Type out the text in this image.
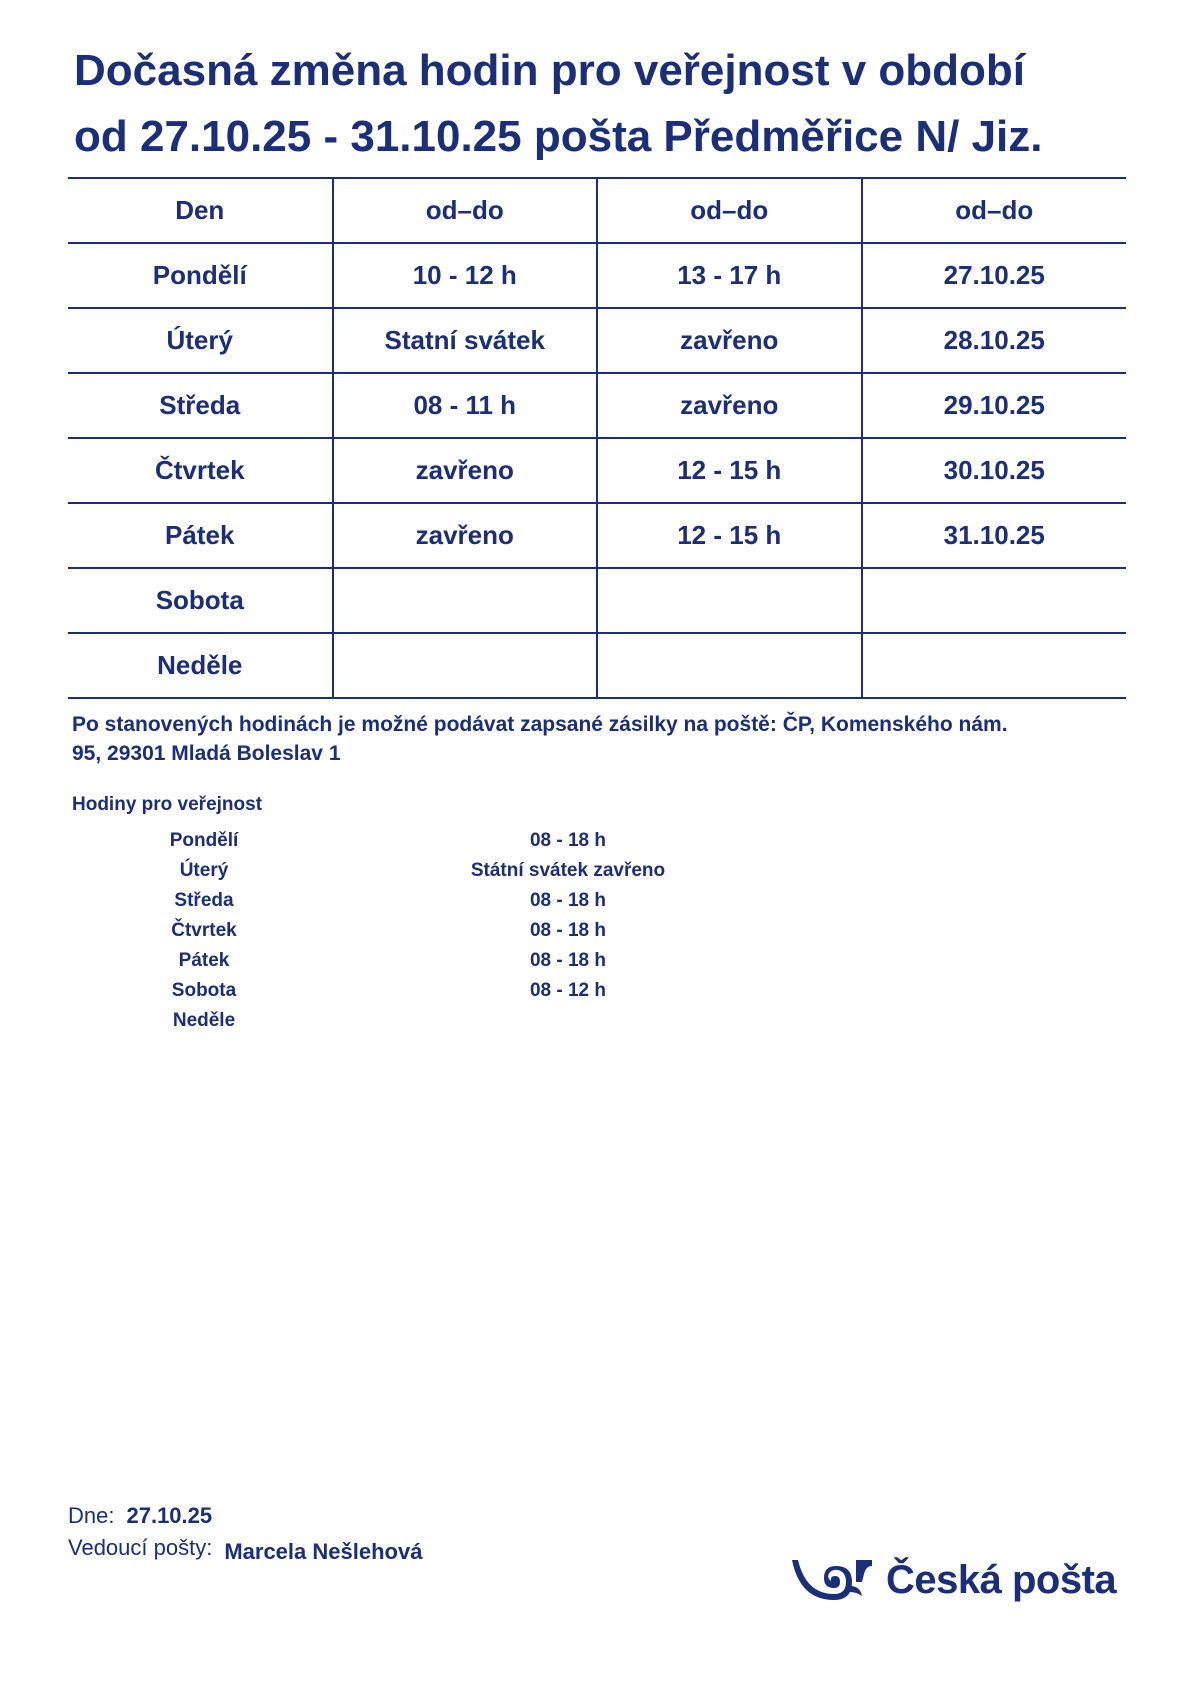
Dočasná změna hodin pro veřejnost v období
od 27.10.25 - 31.10.25 pošta Předměřice N/ Jiz.
Den	od–do	od–do	od–do
Pondělí	10 - 12 h	13 - 17 h	27.10.25
Úterý	Statní svátek	zavřeno	28.10.25
Středa	08 - 11 h	zavřeno	29.10.25
Čtvrtek	zavřeno	12 - 15 h	30.10.25
Pátek	zavřeno	12 - 15 h	31.10.25
Sobota			
Neděle			
Po stanovených hodinách je možné podávat zapsané zásilky na poště: ČP, Komenského nám.
95, 29301 Mladá Boleslav 1
Hodiny pro veřejnost
Pondělí	08 - 18 h
Úterý	Státní svátek zavřeno
Středa	08 - 18 h
Čtvrtek	08 - 18 h
Pátek	08 - 18 h
Sobota	08 - 12 h
Neděle
Dne: 27.10.25
Vedoucí pošty: Marcela Nešlehová
Česká pošta
